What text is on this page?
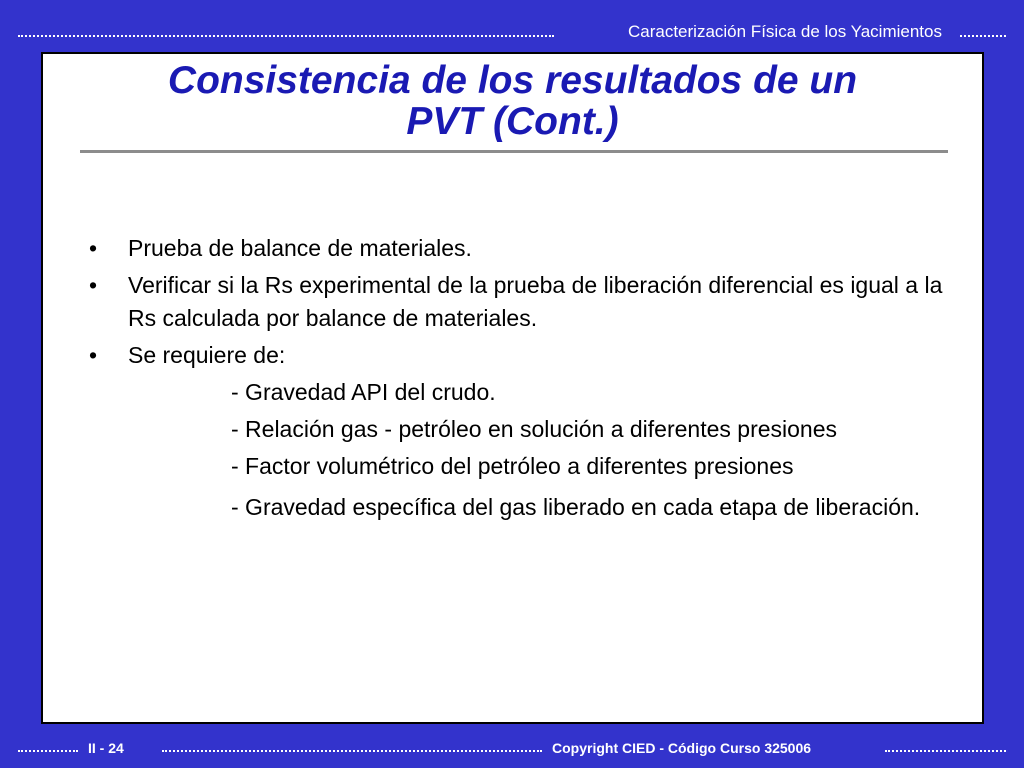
Caracterización Física de los Yacimientos
Consistencia de los resultados de un
PVT (Cont.)
• Prueba de balance de materiales.
• Verificar si la Rs experimental de la prueba de liberación diferencial es igual a la Rs calculada por balance de materiales.
• Se requiere de:
- Gravedad API del crudo.
- Relación gas - petróleo en solución a diferentes presiones
- Factor volumétrico del petróleo a diferentes presiones
- Gravedad específica del gas liberado en cada etapa de liberación.
II - 24	Copyright CIED - Código Curso 325006
